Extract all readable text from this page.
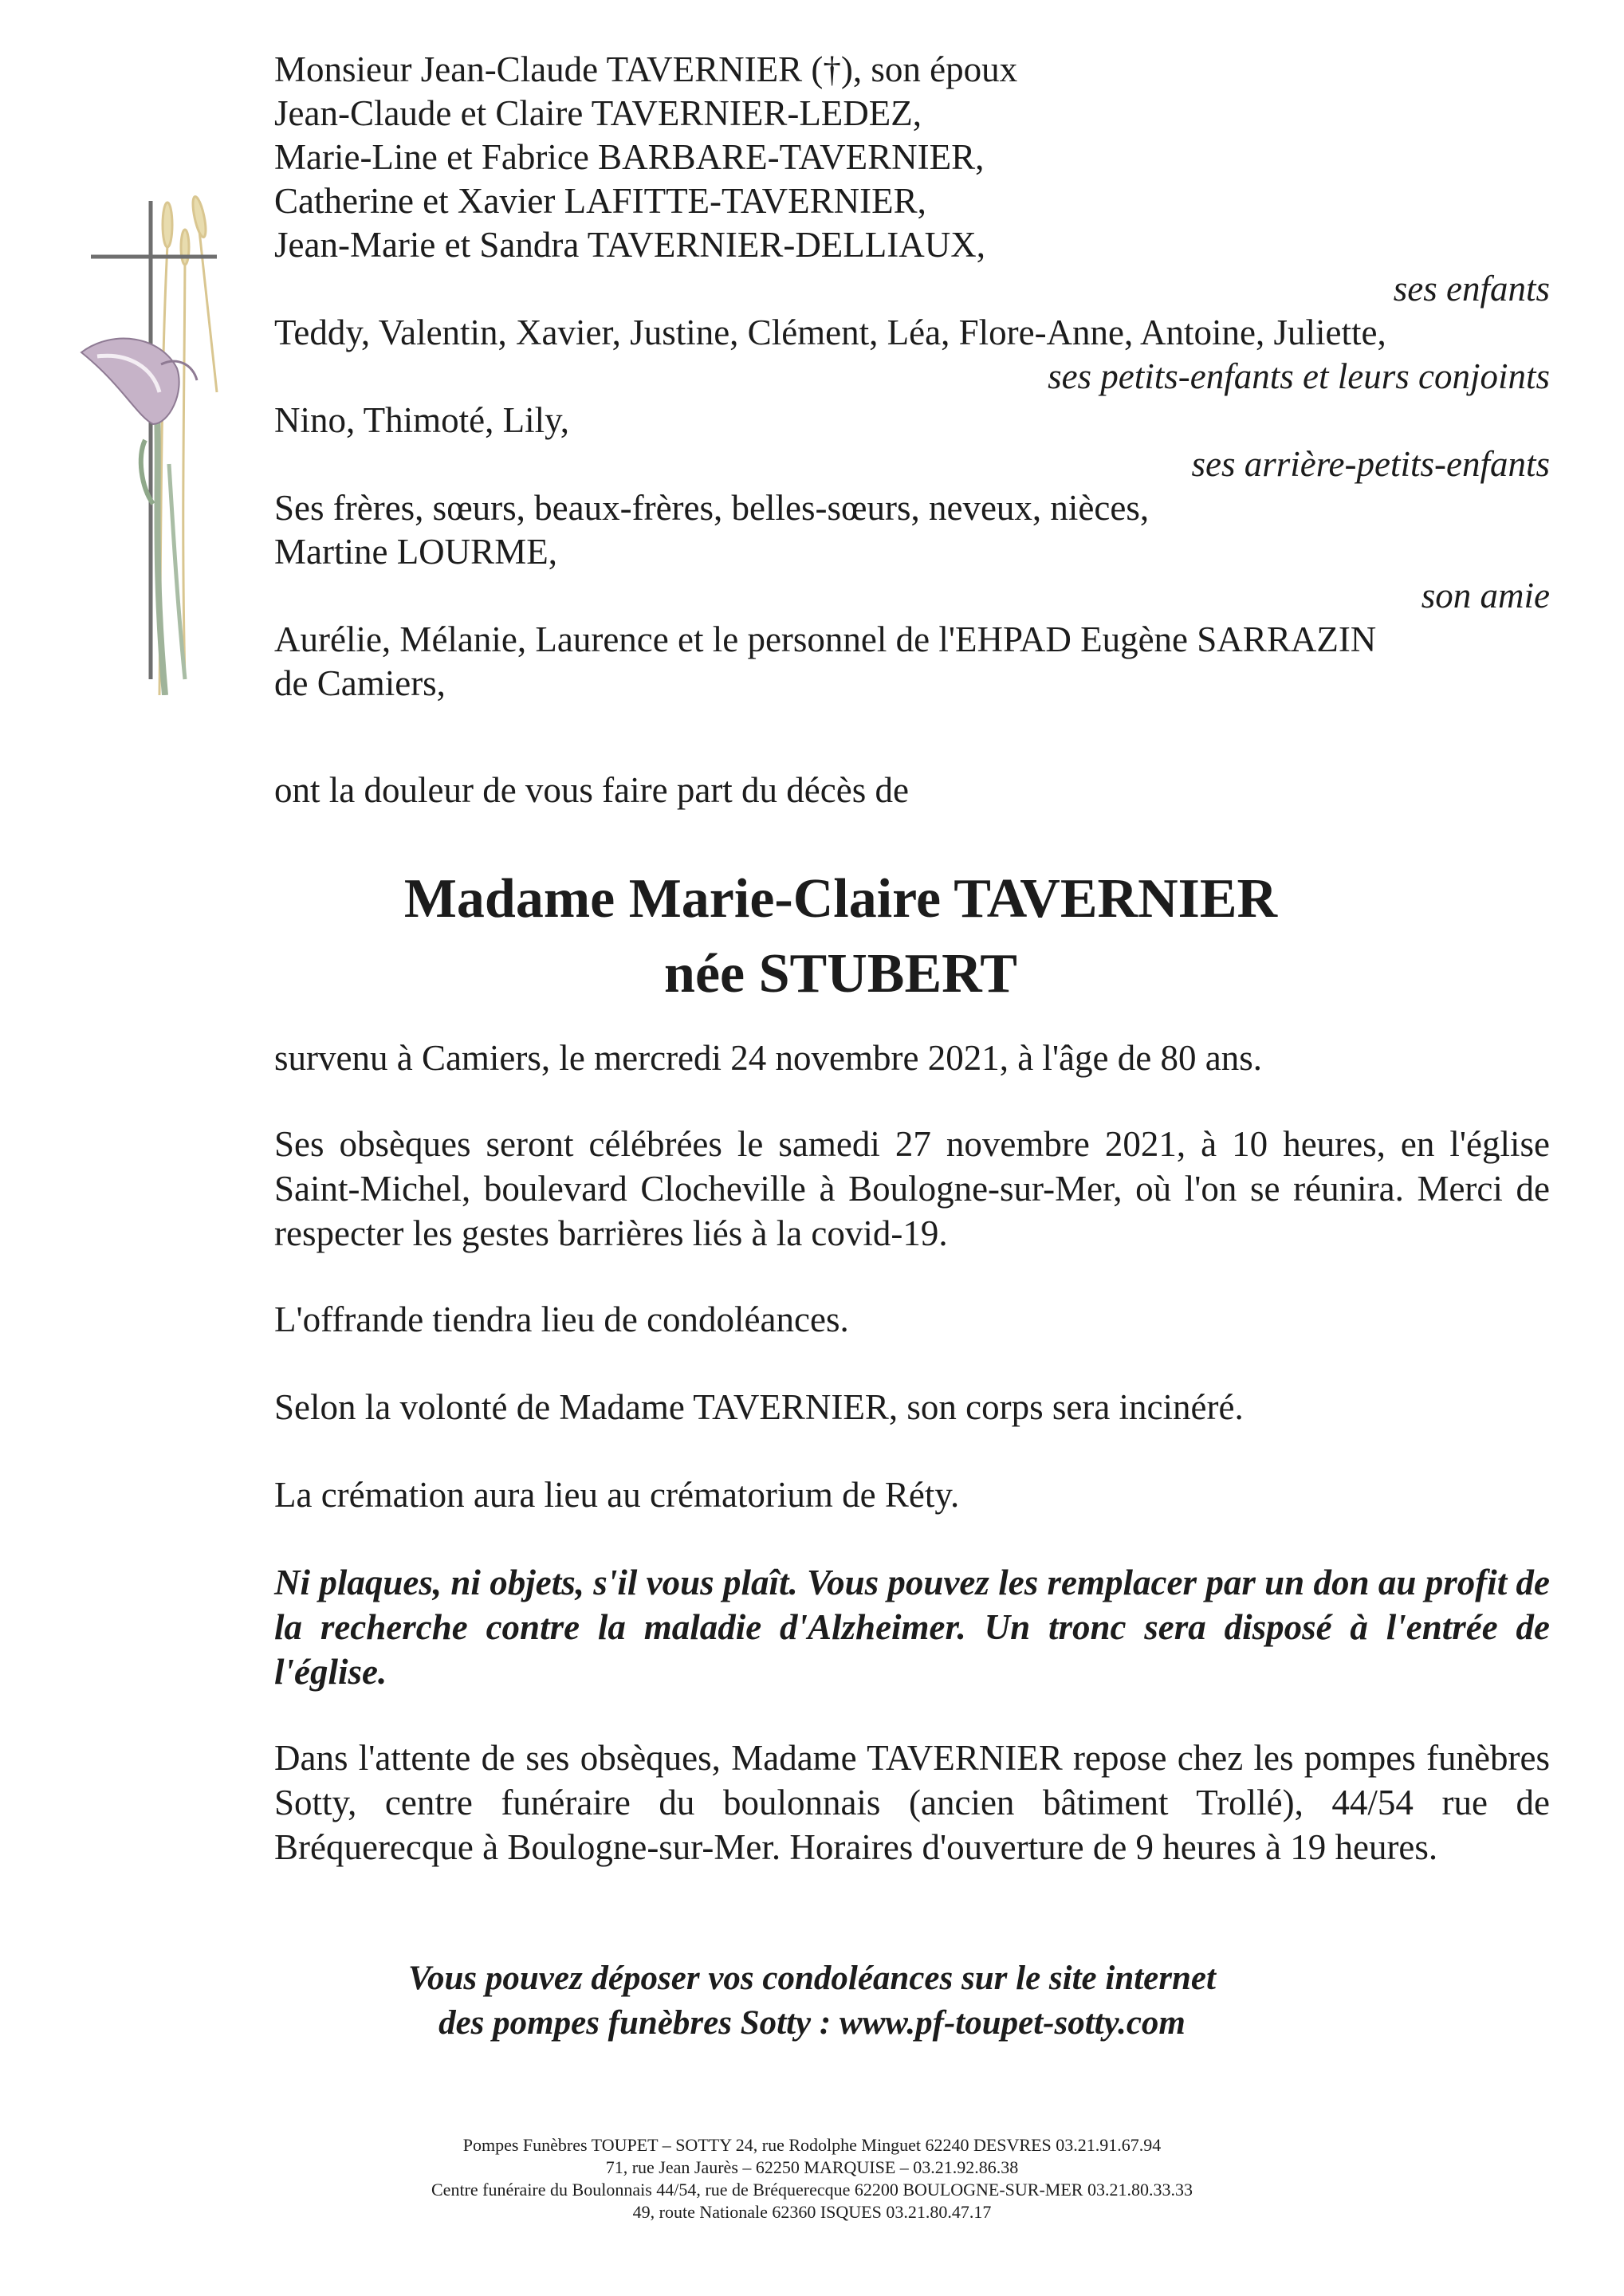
Monsieur Jean-Claude TAVERNIER (†), son époux
Jean-Claude et Claire TAVERNIER-LEDEZ,
Marie-Line et Fabrice BARBARE-TAVERNIER,
Catherine et Xavier LAFITTE-TAVERNIER,
Jean-Marie et Sandra TAVERNIER-DELLIAUX,
ses enfants
Teddy, Valentin, Xavier, Justine, Clément, Léa, Flore-Anne, Antoine, Juliette,
ses petits-enfants et leurs conjoints
Nino, Thimoté, Lily,
ses arrière-petits-enfants
Ses frères, sœurs, beaux-frères, belles-sœurs, neveux, nièces,
Martine LOURME,
son amie
Aurélie, Mélanie, Laurence et le personnel de l'EHPAD Eugène SARRAZIN
de Camiers,
ont la douleur de vous faire part du décès de
Madame Marie-Claire TAVERNIER
née STUBERT
survenu à Camiers, le mercredi 24 novembre 2021, à l'âge de 80 ans.
Ses obsèques seront célébrées le samedi 27 novembre 2021, à 10 heures, en l'église Saint-Michel, boulevard Clocheville à Boulogne-sur-Mer, où l'on se réunira. Merci de respecter les gestes barrières liés à la covid-19.
L'offrande tiendra lieu de condoléances.
Selon la volonté de Madame TAVERNIER, son corps sera incinéré.
La crémation aura lieu au crématorium de Réty.
Ni plaques, ni objets, s'il vous plaît. Vous pouvez les remplacer par un don au profit de la recherche contre la maladie d'Alzheimer. Un tronc sera disposé à l'entrée de l'église.
Dans l'attente de ses obsèques, Madame TAVERNIER repose chez les pompes funèbres Sotty, centre funéraire du boulonnais (ancien bâtiment Trollé), 44/54 rue de Bréquerecque à Boulogne-sur-Mer. Horaires d'ouverture de 9 heures à 19 heures.
Vous pouvez déposer vos condoléances sur le site internet
des pompes funèbres Sotty : www.pf-toupet-sotty.com
Pompes Funèbres TOUPET – SOTTY 24, rue Rodolphe Minguet 62240 DESVRES 03.21.91.67.94
71, rue Jean Jaurès – 62250 MARQUISE – 03.21.92.86.38
Centre funéraire du Boulonnais 44/54, rue de Bréquerecque 62200 BOULOGNE-SUR-MER 03.21.80.33.33
49, route Nationale 62360 ISQUES 03.21.80.47.17
